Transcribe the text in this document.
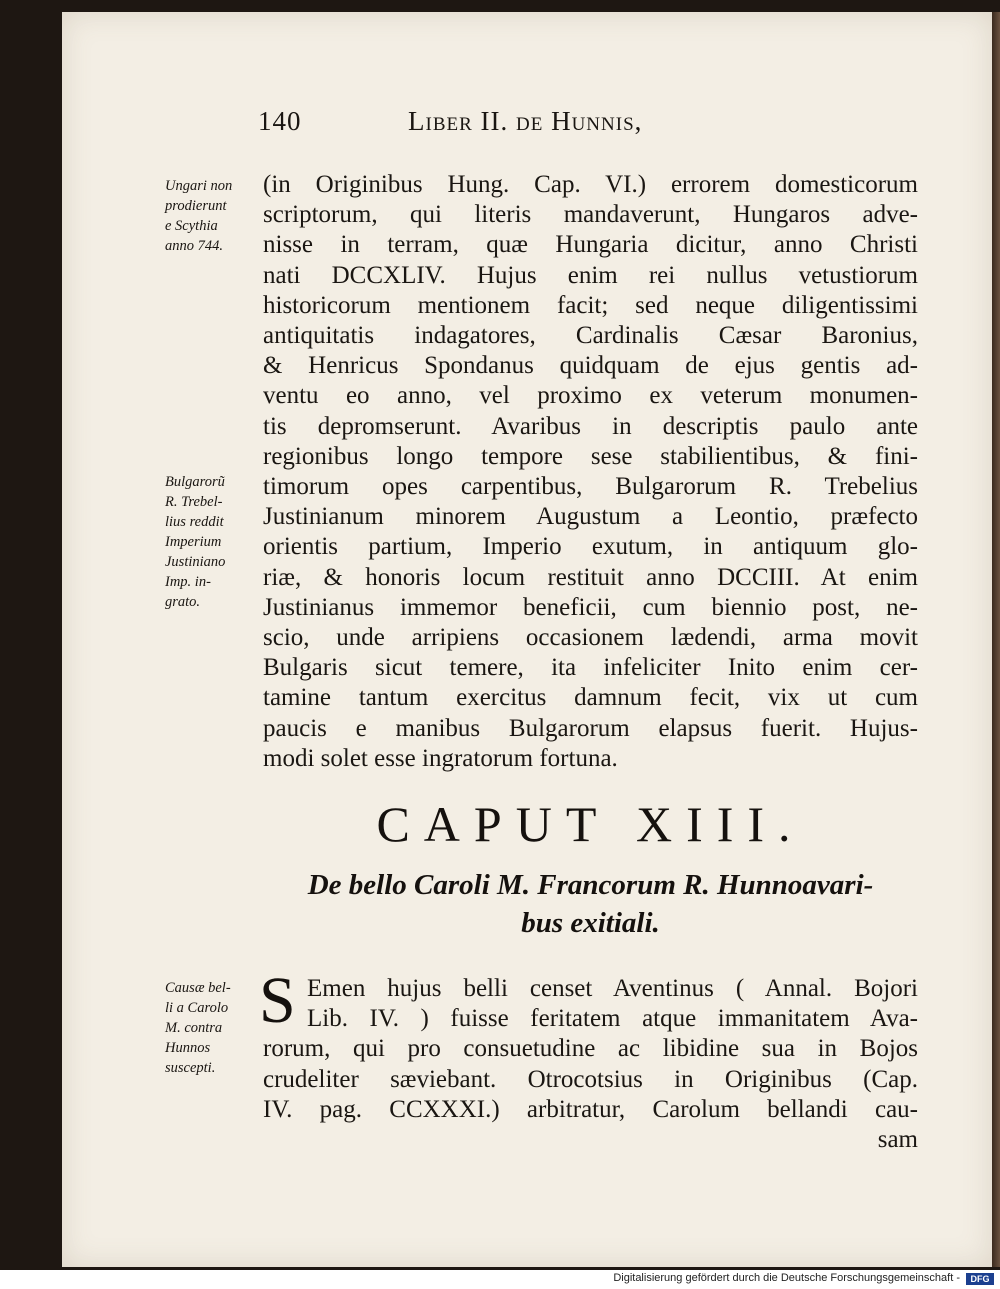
140	Liber II. de Hunnis,
Ungari non
prodierunt
e Scythia
anno 744.
Bulgarorũ
R. Trebel-
lius reddit
Imperium
Justiniano
Imp. in-
grato.
Causæ bel-
li a Carolo
M. contra
Hunnos
suscepti.
(in Originibus Hung. Cap. VI.) errorem domesticorum
scriptorum, qui literis mandaverunt, Hungaros adve-
nisse in terram, quæ Hungaria dicitur, anno Christi
nati DCCXLIV. Hujus enim rei nullus vetustiorum
historicorum mentionem facit; sed neque diligentissimi
antiquitatis indagatores, Cardinalis Cæsar Baronius,
& Henricus Spondanus quidquam de ejus gentis ad-
ventu eo anno, vel proximo ex veterum monumen-
tis depromserunt. Avaribus in descriptis paulo ante
regionibus longo tempore sese stabilientibus, & fini-
timorum opes carpentibus, Bulgarorum R. Trebelius
Justinianum minorem Augustum a Leontio, præfecto
orientis partium, Imperio exutum, in antiquum glo-
riæ, & honoris locum restituit anno DCCIII. At enim
Justinianus immemor beneficii, cum biennio post, ne-
scio, unde arripiens occasionem lædendi, arma movit
Bulgaris sicut temere, ita infeliciter Inito enim cer-
tamine tantum exercitus damnum fecit, vix ut cum
paucis e manibus Bulgarorum elapsus fuerit. Hujus-
modi solet esse ingratorum fortuna.
CAPUT XIII.
De bello Caroli M. Francorum R. Hunnoavari-
bus exitiali.
S Emen hujus belli censet Aventinus ( Annal. Bojori
Lib. IV. ) fuisse feritatem atque immanitatem Ava-
rorum, qui pro consuetudine ac libidine sua in Bojos
crudeliter sæviebant. Otrocotsius in Originibus (Cap.
IV. pag. CCXXXI.) arbitratur, Carolum bellandi cau-
sam
Digitalisierung gefördert durch die Deutsche Forschungsgemeinschaft -	DFG
